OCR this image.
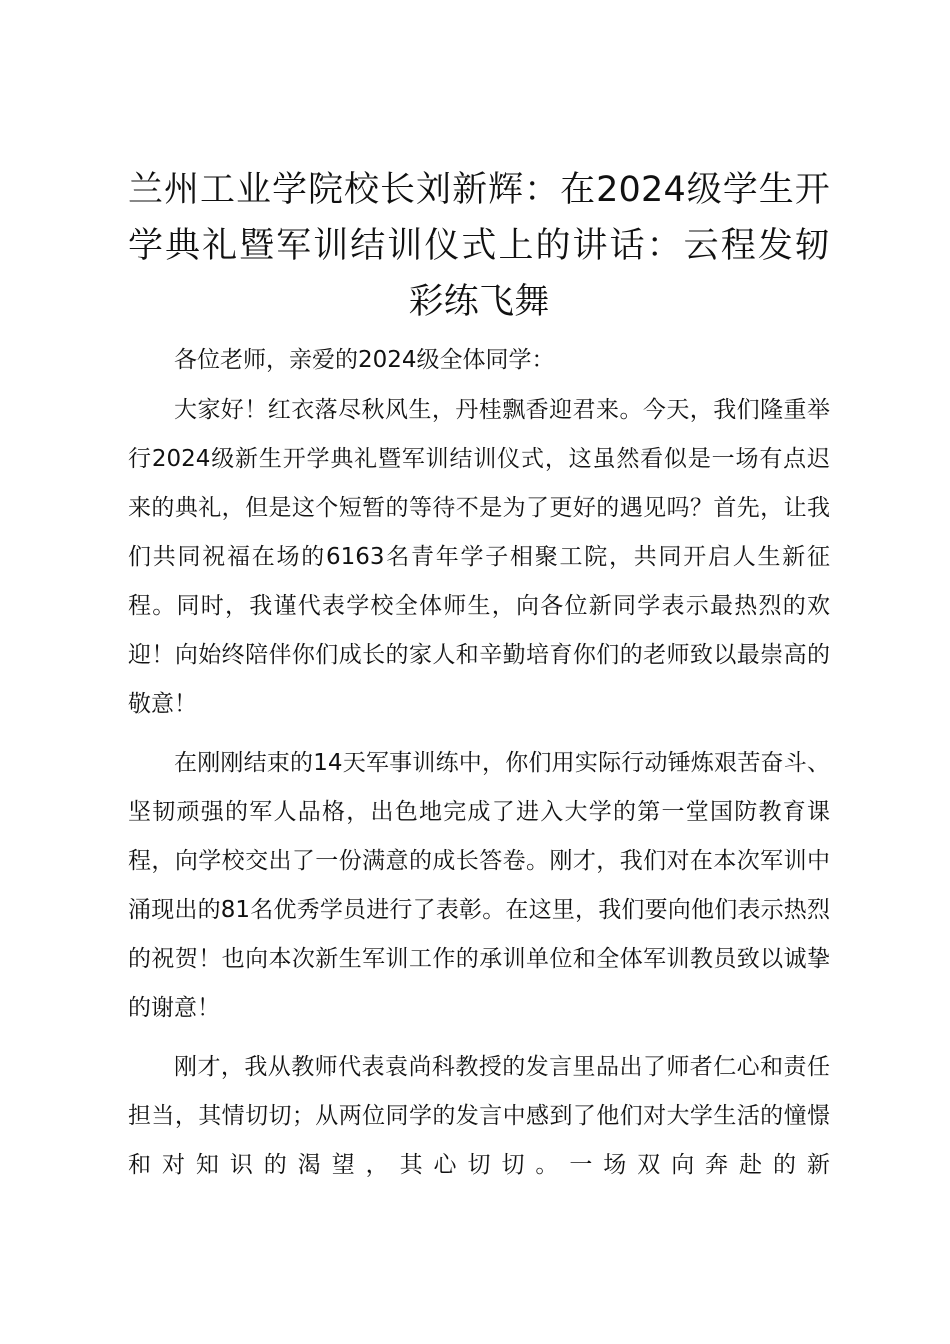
兰州工业学院校长刘新辉：在2024级学生开学典礼暨军训结训仪式上的讲话：云程发轫彩练飞舞

各位老师，亲爱的2024级全体同学：

大家好！红衣落尽秋风生，丹桂飘香迎君来。今天，我们隆重举行2024级新生开学典礼暨军训结训仪式，这虽然看似是一场有点迟来的典礼，但是这个短暂的等待不是为了更好的遇见吗？首先，让我们共同祝福在场的6163名青年学子相聚工院，共同开启人生新征程。同时，我谨代表学校全体师生，向各位新同学表示最热烈的欢迎！向始终陪伴你们成长的家人和辛勤培育你们的老师致以最崇高的敬意！

在刚刚结束的14天军事训练中，你们用实际行动锤炼艰苦奋斗、坚韧顽强的军人品格，出色地完成了进入大学的第一堂国防教育课程，向学校交出了一份满意的成长答卷。刚才，我们对在本次军训中涌现出的81名优秀学员进行了表彰。在这里，我们要向他们表示热烈的祝贺！也向本次新生军训工作的承训单位和全体军训教员致以诚挚的谢意！

刚才，我从教师代表袁尚科教授的发言里品出了师者仁心和责任担当，其情切切；从两位同学的发言中感到了他们对大学生活的憧憬和对知识的渴望，其心切切。一场双向奔赴的新
